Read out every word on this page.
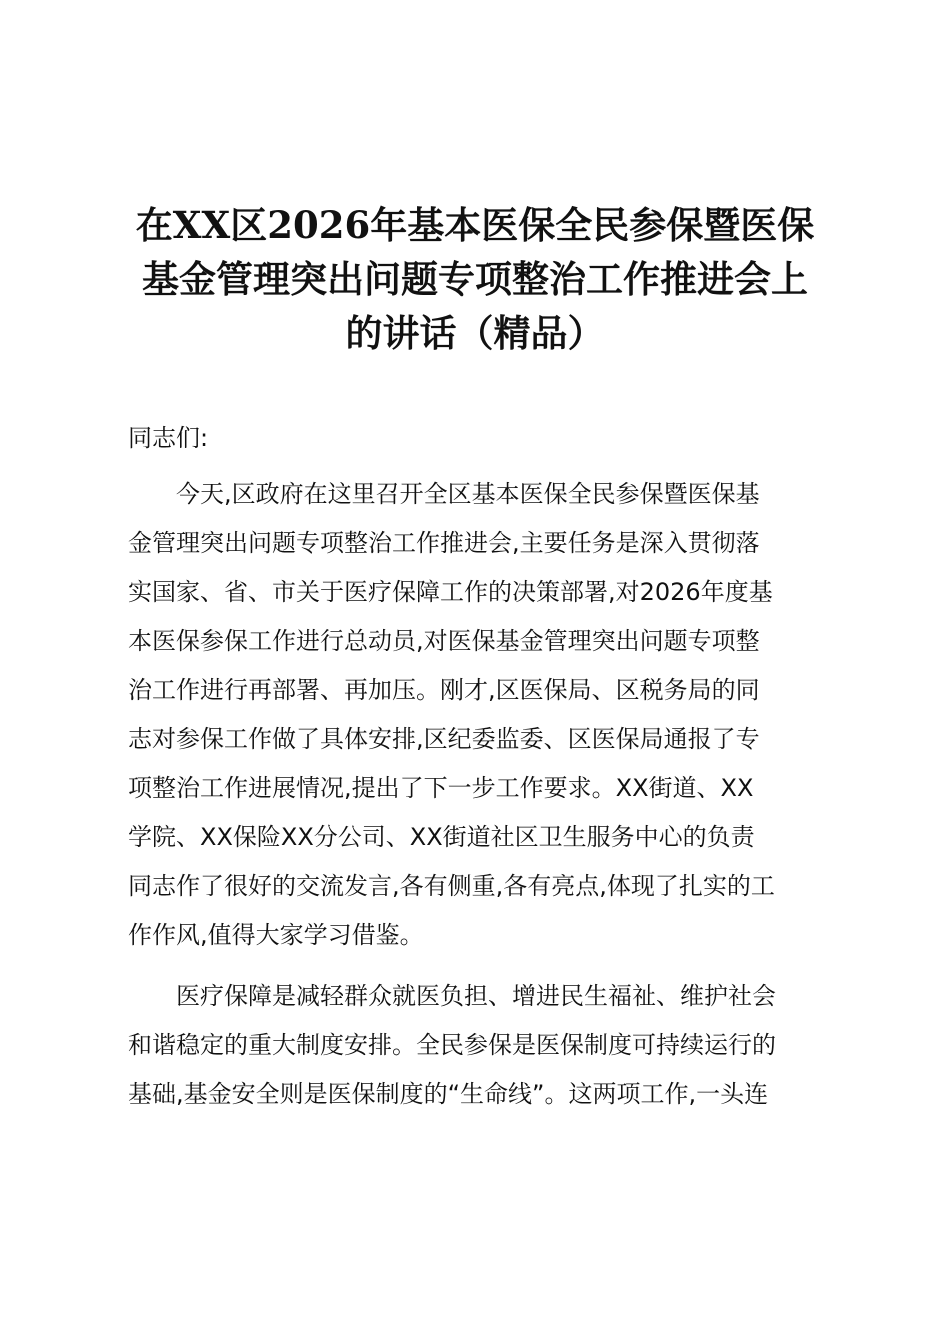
在XX区2026年基本医保全民参保暨医保
基金管理突出问题专项整治工作推进会上
的讲话（精品）
同志们:
今天,区政府在这里召开全区基本医保全民参保暨医保基
金管理突出问题专项整治工作推进会,主要任务是深入贯彻落
实国家、省、市关于医疗保障工作的决策部署,对2026年度基
本医保参保工作进行总动员,对医保基金管理突出问题专项整
治工作进行再部署、再加压。刚才,区医保局、区税务局的同
志对参保工作做了具体安排,区纪委监委、区医保局通报了专
项整治工作进展情况,提出了下一步工作要求。XX街道、XX
学院、XX保险XX分公司、XX街道社区卫生服务中心的负责
同志作了很好的交流发言,各有侧重,各有亮点,体现了扎实的工
作作风,值得大家学习借鉴。
医疗保障是减轻群众就医负担、增进民生福祉、维护社会
和谐稳定的重大制度安排。全民参保是医保制度可持续运行的
基础,基金安全则是医保制度的“生命线”。这两项工作,一头连
